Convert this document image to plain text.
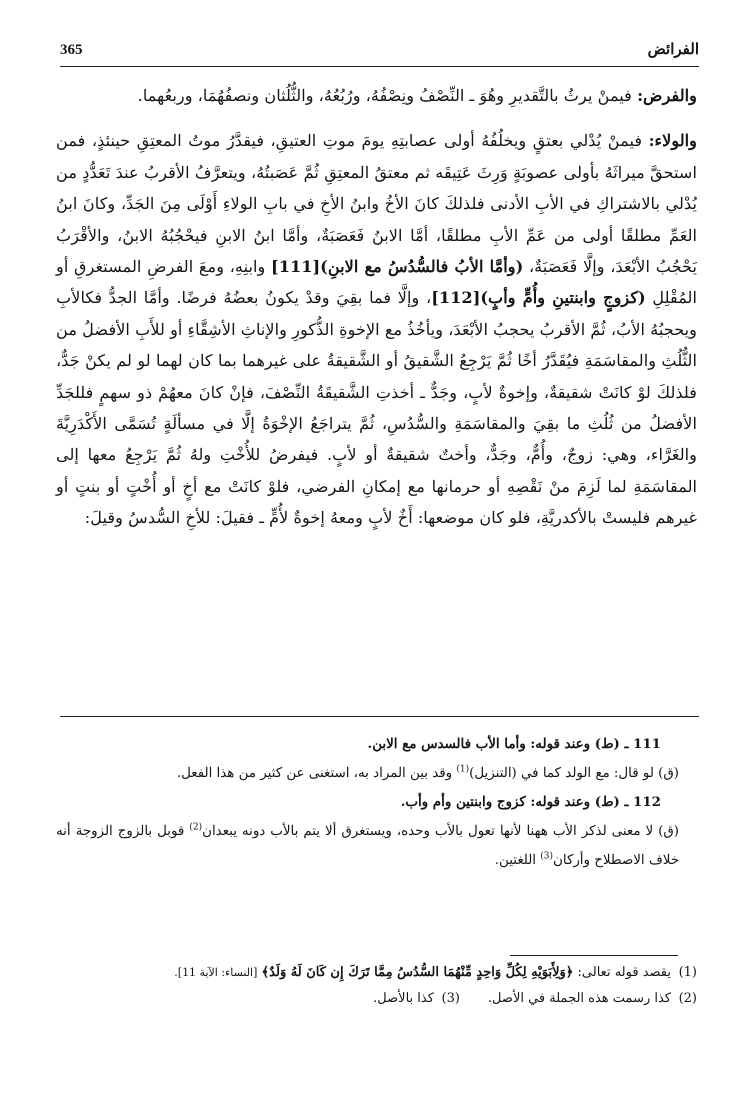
الفرائض
365

والفرض: فيمنْ يرثُ بالتَّقديرِ وهُوَ ـ النِّصْفُ ونِصْفُهُ، ورُبُعُهُ، والثُّلُثان ونصفُهُمَا، وربعُهما.

والولاء: فيمنْ يُدْلي بعتقٍ ويخلُفُهُ أولى عصابتِهِ يومَ موتِ العتيقِ، فيقدَّرُ موتُ المعتِقِ حينئذٍ، فمن استحقَّ ميراثَهُ بأولى عصوبَةٍ وَرِثَ عَتِيقَه ثم معتقُ المعتِقِ ثُمَّ عَصَبتُهُ، ويتعرَّفُ الأقربُ عندَ تَعَدُّدٍ من يُدْلي بالاشتراكِ في الأبِ الأدنى فلذلكَ كانَ الأخُ وابنُ الأخِ في بابِ الولاءِ أَوْلَى مِنَ الجَدِّ، وكانَ ابنُ العَمِّ مطلقًا أولى من عَمِّ الأبِ مطلقًا، أمَّا الابنُ فَعَصَبَةٌ، وأمَّا ابنُ الابنِ فيحْجُبُهُ الابنُ، والأقْرَبُ يَحْجُبُ الأبْعَدَ، وإلَّا فَعَصَبَةٌ، (وأمَّا الأبُ فالسُّدُسُ مع الابنِ)[111] وابنِهِ، ومعَ الفرضِ المستغرقِ أو المُقْلِلِ (كزوجٍ وابنتينِ وأُمٍّ وأبٍ)[112]، وإلَّا فما بقِيَ وقدْ يكونُ بعضُهُ فرضًا. وأمَّا الجدُّ فكالأبِ ويحجبُهُ الأبُ، ثُمَّ الأقربُ يحجبُ الأبْعَدَ، ويأخُذُ مع الإخوةِ الذُّكورِ والإناثِ الأشِقَّاءِ أو للأَبِ الأفضلُ من الثُّلُثِ والمقاسَمَةِ فيُقَدَّرُ أخًا ثُمَّ يَرْجِعُ الشَّقيقُ أو الشَّقيقةُ على غيرهما بما كان لهما لو لم يكنْ جَدٌّ، فلذلكَ لوْ كانَتْ شقيقةٌ، وإخوةٌ لأبٍ، وجَدٌّ ـ أخذتِ الشَّقيقَةُ النِّصْفَ، فإنْ كانَ معهُمْ ذو سهمٍ فللجَدِّ الأفضلُ من ثُلُثِ ما بقِيَ والمقاسَمَةِ والسُّدُسِ، ثُمَّ يتراجَعُ الإخْوَةُ إلَّا في مسألَةٍ تُسَمَّى الأَكْدَرِيَّةَ والغَرَّاء، وهي: زوجٌ، وأُمٌّ، وجَدٌّ، وأختٌ شقيقةٌ أو لأبٍ. فيفرضُ للأُخْتِ ولهُ ثُمَّ يَرْجِعُ معها إلى المقاسَمَةِ لما لَزِمَ منْ نَقْصِهِ أو حرمانها مع إمكانِ الفرضي، فلوْ كانَتْ مع أخٍ أو أُخْتٍ أو بنتٍ أو غيرهم فليستْ بالأكدريَّةِ، فلو كان موضعها: أَخٌ لأبٍ ومعهُ إخوةٌ لأُمٍّ ـ فقيلَ: للأخِ السُّدسُ وقيلَ:

111 ـ (ط) وعند قوله: وأما الأب فالسدس مع الابن.

(ق) لو قال: مع الولد كما في (التنزيل)$^{(1)}$ وقد بين المراد به، استغنى عن كثير من هذا الفعل.

112 ـ (ط) وعند قوله: كزوج وابنتين وأم وأب.

(ق) لا معنى لذكر الأب ههنا لأنها تعول بالأب وحده، ويستغرق ألا يتم بالأب دونه يبعدان$^{(2)}$ قوبل بالزوج الزوجة أنه خلاف الاصطلاح وأركان$^{(3)}$ اللغتين.

(1)
يقصد قوله تعالى: ﴿وَلِأَبَوَيْهِ لِكُلِّ وَاحِدٍ مِّنْهُمَا السُّدُسُ مِمَّا تَرَكَ إِن كَانَ لَهُ وَلَدٌ﴾ [النساء: الآية 11].
(2)
كذا رسمت هذه الجملة في الأصل.
(3)
كذا بالأصل.
